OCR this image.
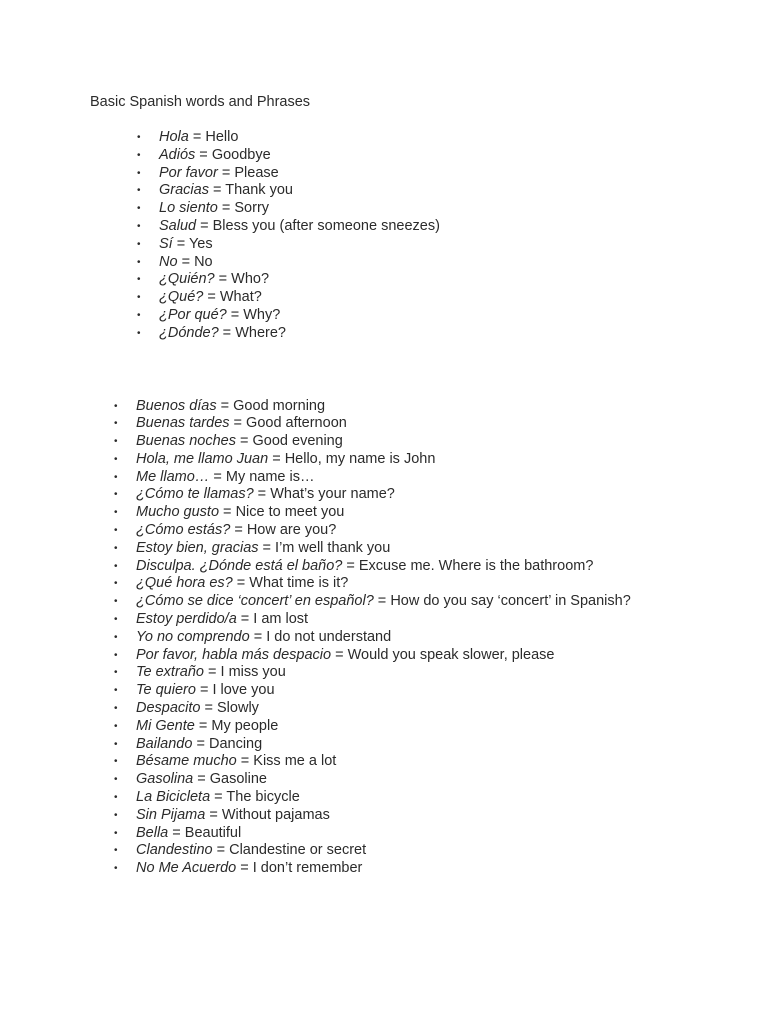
Basic Spanish words and Phrases
• Hola = Hello
• Adiós = Goodbye
• Por favor = Please
• Gracias = Thank you
• Lo siento = Sorry
• Salud = Bless you (after someone sneezes)
• Sí = Yes
• No = No
• ¿Quién? = Who?
• ¿Qué? = What?
• ¿Por qué? = Why?
• ¿Dónde? = Where?
• Buenos días = Good morning
• Buenas tardes = Good afternoon
• Buenas noches = Good evening
• Hola, me llamo Juan = Hello, my name is John
• Me llamo… = My name is…
• ¿Cómo te llamas? = What’s your name?
• Mucho gusto = Nice to meet you
• ¿Cómo estás? = How are you?
• Estoy bien, gracias = I’m well thank you
• Disculpa. ¿Dónde está el baño? = Excuse me. Where is the bathroom?
• ¿Qué hora es? = What time is it?
• ¿Cómo se dice ‘concert’ en español? = How do you say ‘concert’ in Spanish?
• Estoy perdido/a = I am lost
• Yo no comprendo = I do not understand
• Por favor, habla más despacio = Would you speak slower, please
• Te extraño = I miss you
• Te quiero = I love you
• Despacito = Slowly
• Mi Gente = My people
• Bailando = Dancing
• Bésame mucho = Kiss me a lot
• Gasolina = Gasoline
• La Bicicleta = The bicycle
• Sin Pijama = Without pajamas
• Bella = Beautiful
• Clandestino = Clandestine or secret
• No Me Acuerdo = I don’t remember
